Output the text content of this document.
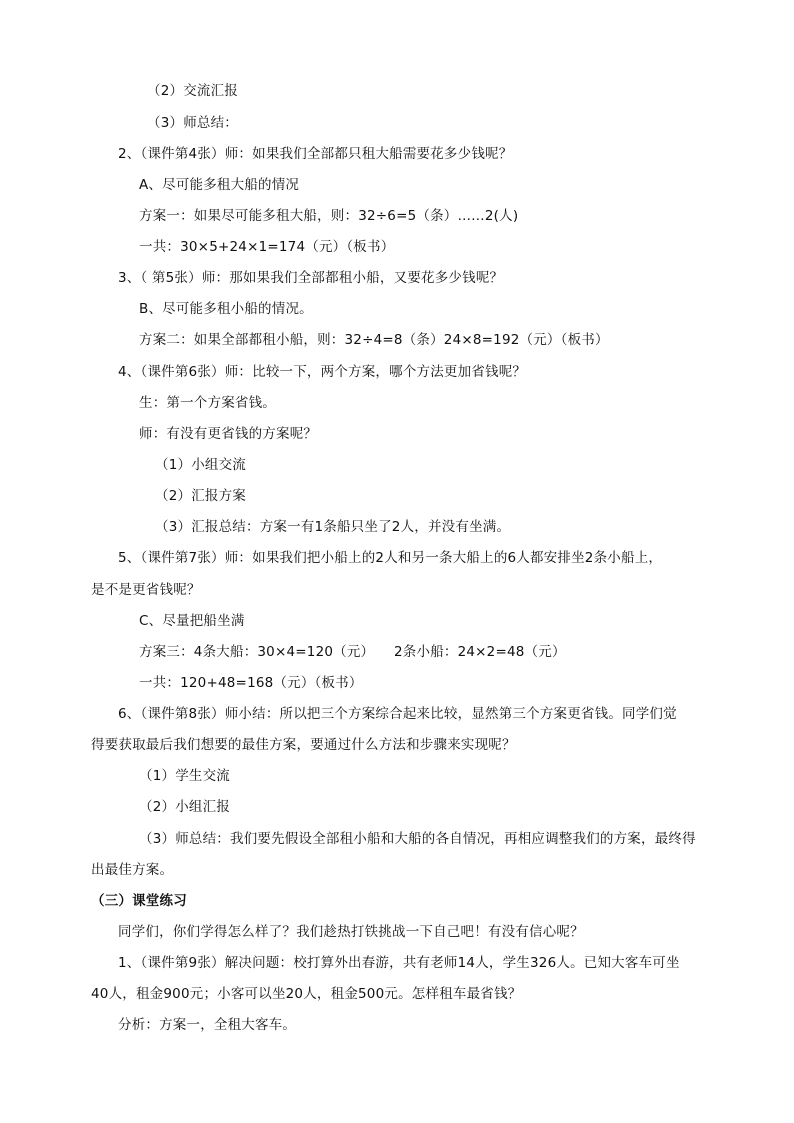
（2）交流汇报
（3）师总结：
2、（课件第4张）师：如果我们全部都只租大船需要花多少钱呢？
A、尽可能多租大船的情况
方案一：如果尽可能多租大船，则：32÷6=5（条）……2(人)
一共：30×5+24×1=174（元）（板书）
3、（ 第5张）师：那如果我们全部都租小船，又要花多少钱呢？
B、尽可能多租小船的情况。
方案二：如果全部都租小船，则：32÷4=8（条）24×8=192（元）（板书）
4、（课件第6张）师：比较一下，两个方案，哪个方法更加省钱呢？
生：第一个方案省钱。
师：有没有更省钱的方案呢？
（1）小组交流
（2）汇报方案
（3）汇报总结：方案一有1条船只坐了2人，并没有坐满。
5、（课件第7张）师：如果我们把小船上的2人和另一条大船上的6人都安排坐2条小船上，
是不是更省钱呢？
C、尽量把船坐满
方案三：4条大船：30×4=120（元） 2条小船：24×2=48（元）
一共：120+48=168（元）（板书）
6、（课件第8张）师小结：所以把三个方案综合起来比较，显然第三个方案更省钱。同学们觉
得要获取最后我们想要的最佳方案，要通过什么方法和步骤来实现呢？
（1）学生交流
（2）小组汇报
（3）师总结：我们要先假设全部租小船和大船的各自情况，再相应调整我们的方案，最终得
出最佳方案。
（三）课堂练习
同学们，你们学得怎么样了？我们趁热打铁挑战一下自己吧！有没有信心呢？
1、（课件第9张）解决问题：校打算外出春游，共有老师14人，学生326人。已知大客车可坐
40人，租金900元；小客可以坐20人，租金500元。怎样租车最省钱？
分析：方案一，全租大客车。
